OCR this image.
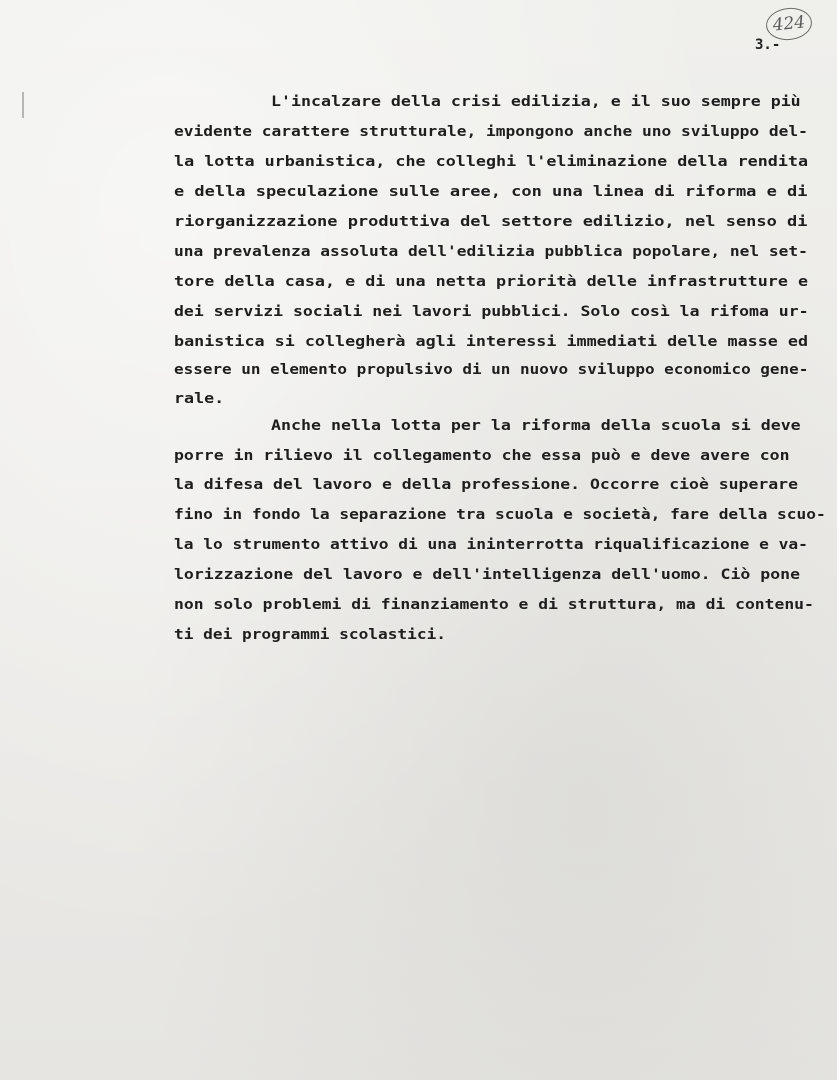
424
3.-
L'incalzare della crisi edilizia, e il suo sempre più
evidente carattere strutturale, impongono anche uno sviluppo del-
la lotta urbanistica, che colleghi l'eliminazione della rendita
e della speculazione sulle aree, con una linea di riforma e di
riorganizzazione produttiva del settore edilizio, nel senso di
una prevalenza assoluta dell'edilizia pubblica popolare, nel set-
tore della casa, e di una netta priorità delle infrastrutture e
dei servizi sociali nei lavori pubblici. Solo così la rifoma ur-
banistica si collegherà agli interessi immediati delle masse ed
essere un elemento propulsivo di un nuovo sviluppo economico gene-
rale.
Anche nella lotta per la riforma della scuola si deve
porre in rilievo il collegamento che essa può e deve avere con
la difesa del lavoro e della professione. Occorre cioè superare
fino in fondo la separazione tra scuola e società, fare della scuo-
la lo strumento attivo di una ininterrotta riqualificazione e va-
lorizzazione del lavoro e dell'intelligenza dell'uomo. Ciò pone
non solo problemi di finanziamento e di struttura, ma di contenu-
ti dei programmi scolastici.
